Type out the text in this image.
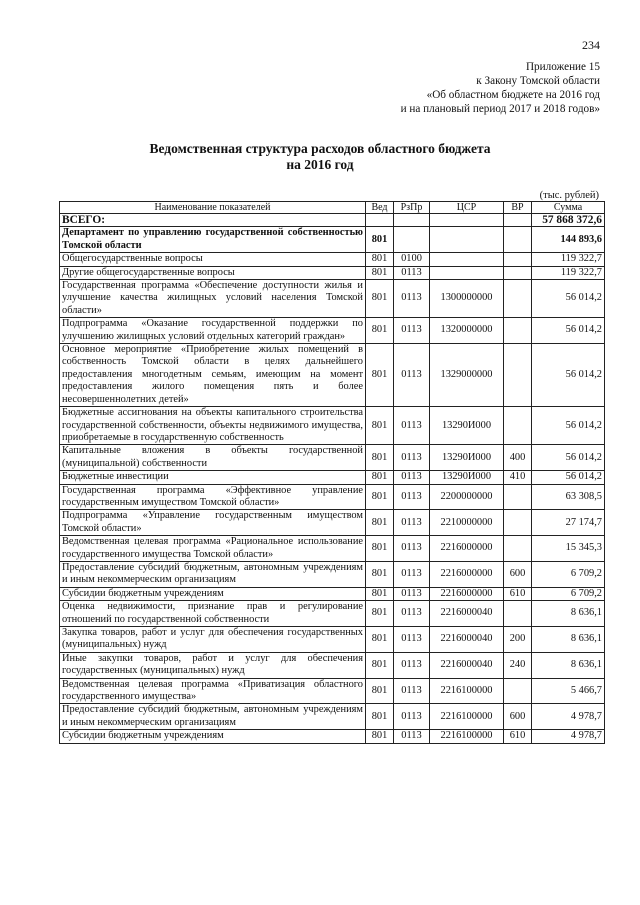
234
Приложение 15
к Закону Томской области
«Об областном бюджете на 2016 год
и на плановый период 2017 и 2018 годов»
Ведомственная структура расходов областного бюджета
на 2016 год
(тыс. рублей)
Наименование показателей	Вед	РзПр	ЦСР	ВР	Сумма
ВСЕГО:					57 868 372,6
Департамент по управлению государственной собственностью Томской области	801				144 893,6
Общегосударственные вопросы	801	0100			119 322,7
Другие общегосударственные вопросы	801	0113			119 322,7
Государственная программа «Обеспечение доступности жилья и улучшение качества жилищных условий населения Томской области»	801	0113	1300000000		56 014,2
Подпрограмма «Оказание государственной поддержки по улучшению жилищных условий отдельных категорий граждан»	801	0113	1320000000		56 014,2
Основное мероприятие «Приобретение жилых помещений в собственность Томской области в целях дальнейшего предоставления многодетным семьям, имеющим на момент предоставления жилого помещения пять и более несовершеннолетних детей»	801	0113	1329000000		56 014,2
Бюджетные ассигнования на объекты капитального строительства государственной собственности, объекты недвижимого имущества, приобретаемые в государственную собственность	801	0113	13290И000		56 014,2
Капитальные вложения в объекты государственной (муниципальной) собственности	801	0113	13290И000	400	56 014,2
Бюджетные инвестиции	801	0113	13290И000	410	56 014,2
Государственная программа «Эффективное управление государственным имуществом Томской области»	801	0113	2200000000		63 308,5
Подпрограмма «Управление государственным имуществом Томской области»	801	0113	2210000000		27 174,7
Ведомственная целевая программа «Рациональное использование государственного имущества Томской области»	801	0113	2216000000		15 345,3
Предоставление субсидий бюджетным, автономным учреждениям и иным некоммерческим организациям	801	0113	2216000000	600	6 709,2
Субсидии бюджетным учреждениям	801	0113	2216000000	610	6 709,2
Оценка недвижимости, признание прав и регулирование отношений по государственной собственности	801	0113	2216000040		8 636,1
Закупка товаров, работ и услуг для обеспечения государственных (муниципальных) нужд	801	0113	2216000040	200	8 636,1
Иные закупки товаров, работ и услуг для обеспечения государственных (муниципальных) нужд	801	0113	2216000040	240	8 636,1
Ведомственная целевая программа «Приватизация областного государственного имущества»	801	0113	2216100000		5 466,7
Предоставление субсидий бюджетным, автономным учреждениям и иным некоммерческим организациям	801	0113	2216100000	600	4 978,7
Субсидии бюджетным учреждениям	801	0113	2216100000	610	4 978,7
